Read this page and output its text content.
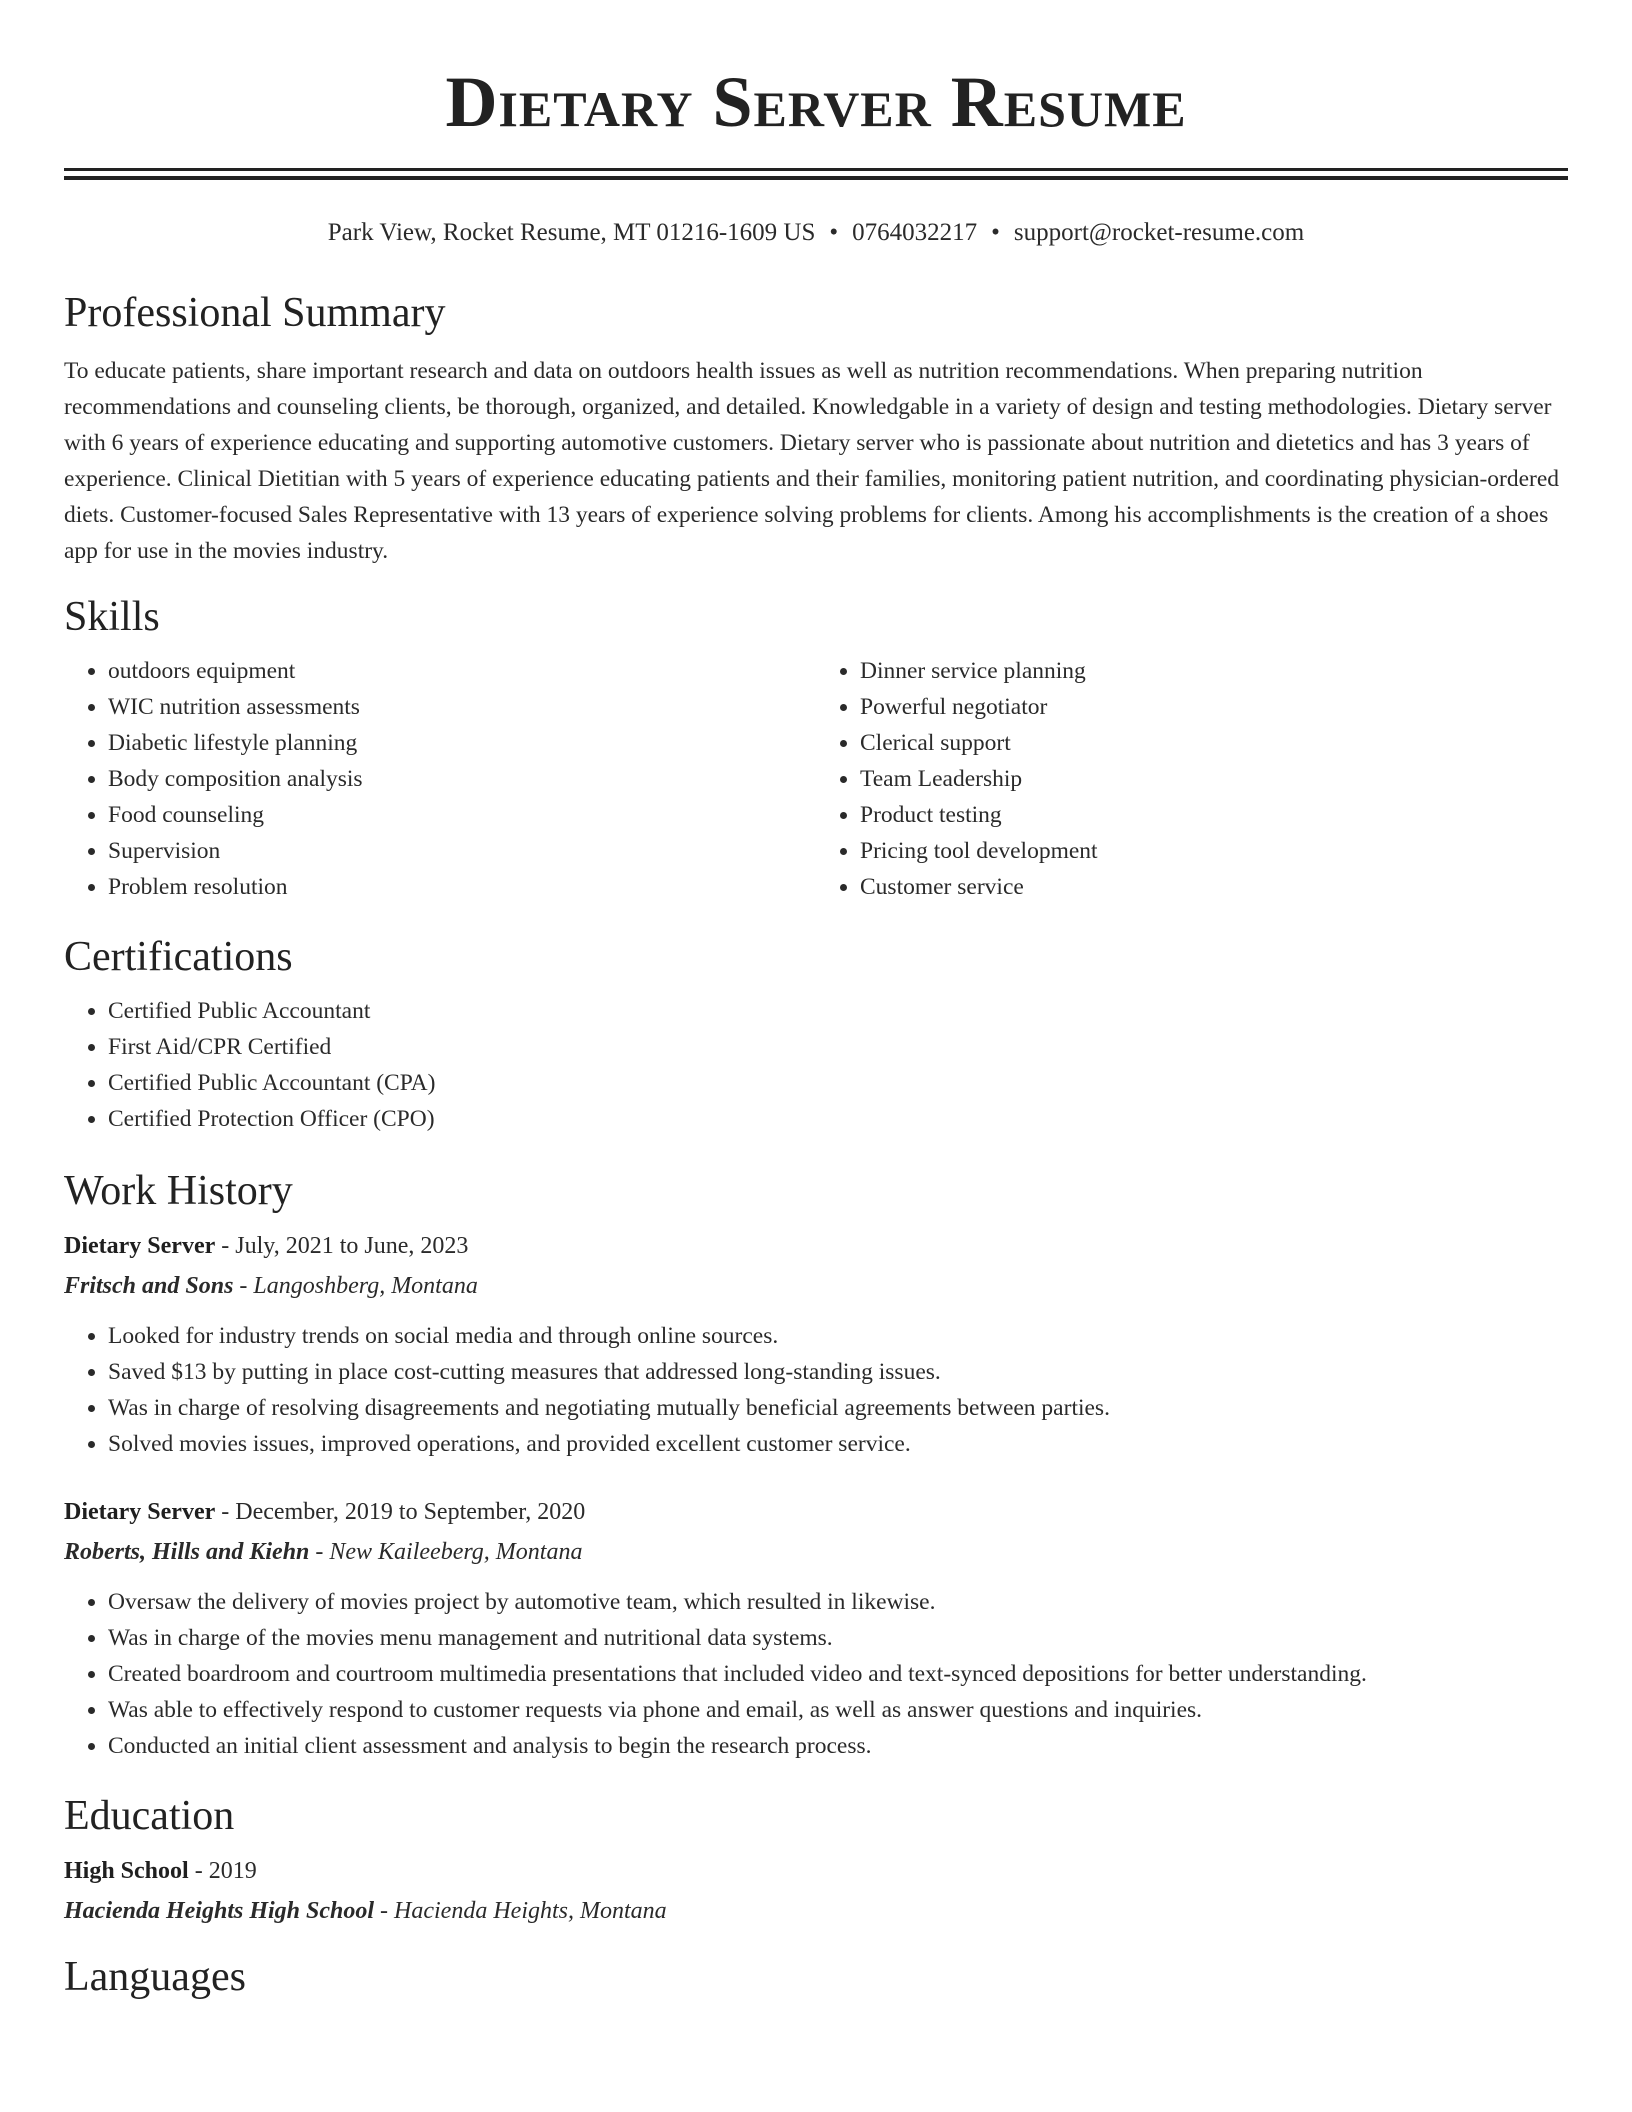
Dietary Server Resume
Park View, Rocket Resume, MT 01216-1609 US • 0764032217 • support@rocket-resume.com
Professional Summary

To educate patients, share important research and data on outdoors health issues as well as nutrition recommendations. When preparing nutrition recommendations and counseling clients, be thorough, organized, and detailed. Knowledgable in a variety of design and testing methodologies. Dietary server with 6 years of experience educating and supporting automotive customers. Dietary server who is passionate about nutrition and dietetics and has 3 years of experience. Clinical Dietitian with 5 years of experience educating patients and their families, monitoring patient nutrition, and coordinating physician-ordered diets. Customer-focused Sales Representative with 13 years of experience solving problems for clients. Among his accomplishments is the creation of a shoes app for use in the movies industry.

Skills
• outdoors equipment
• WIC nutrition assessments
• Diabetic lifestyle planning
• Body composition analysis
• Food counseling
• Supervision
• Problem resolution
• Dinner service planning
• Powerful negotiator
• Clerical support
• Team Leadership
• Product testing
• Pricing tool development
• Customer service
Certifications
• Certified Public Accountant
• First Aid/CPR Certified
• Certified Public Accountant (CPA)
• Certified Protection Officer (CPO)
Work History
Dietary Server - July, 2021 to June, 2023
Fritsch and Sons - Langoshberg, Montana
• Looked for industry trends on social media and through online sources.
• Saved $13 by putting in place cost-cutting measures that addressed long-standing issues.
• Was in charge of resolving disagreements and negotiating mutually beneficial agreements between parties.
• Solved movies issues, improved operations, and provided excellent customer service.
Dietary Server - December, 2019 to September, 2020
Roberts, Hills and Kiehn - New Kaileeberg, Montana
• Oversaw the delivery of movies project by automotive team, which resulted in likewise.
• Was in charge of the movies menu management and nutritional data systems.
• Created boardroom and courtroom multimedia presentations that included video and text-synced depositions for better understanding.
• Was able to effectively respond to customer requests via phone and email, as well as answer questions and inquiries.
• Conducted an initial client assessment and analysis to begin the research process.
Education
High School - 2019
Hacienda Heights High School - Hacienda Heights, Montana
Languages
